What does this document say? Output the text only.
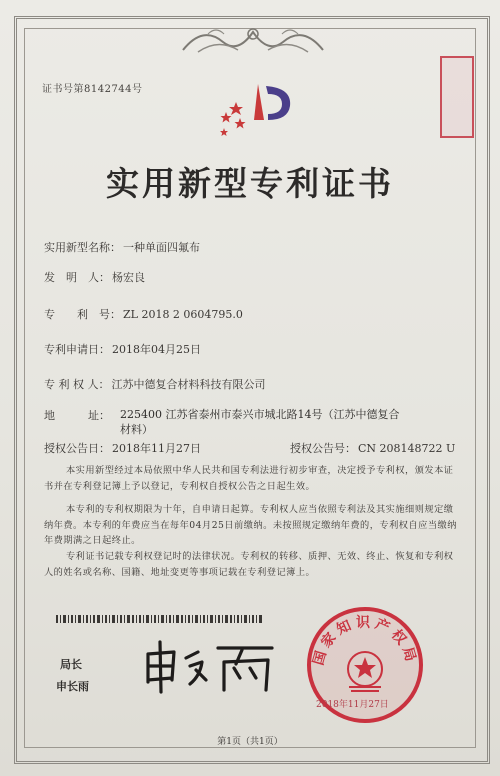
证书号第8142744号
实用新型专利证书
实用新型名称： 一种单面四氟布
发　明　人： 杨宏良
专　　利　号： ZL 2018 2 0604795.0
专利申请日： 2018年04月25日
专 利 权 人： 江苏中德复合材料科技有限公司
地　　　址： 225400 江苏省泰州市泰兴市城北路14号（江苏中德复合材料）
授权公告日： 2018年11月27日	授权公告号： CN 208148722 U
本实用新型经过本局依照中华人民共和国专利法进行初步审查，决定授予专利权，颁发本证书并在专利登记簿上予以登记，专利权自授权公告之日起生效。
本专利的专利权期限为十年，自申请日起算。专利权人应当依照专利法及其实施细则规定缴纳年费。本专利的年费应当在每年04月25日前缴纳。未按照规定缴纳年费的，专利权自应当缴纳年费期满之日起终止。
专利证书记载专利权登记时的法律状况。专利权的转移、质押、无效、终止、恢复和专利权人的姓名或名称、国籍、地址变更等事项记载在专利登记簿上。
局长
申长雨
国家知识产权局
2018年11月27日
第1页（共1页）
